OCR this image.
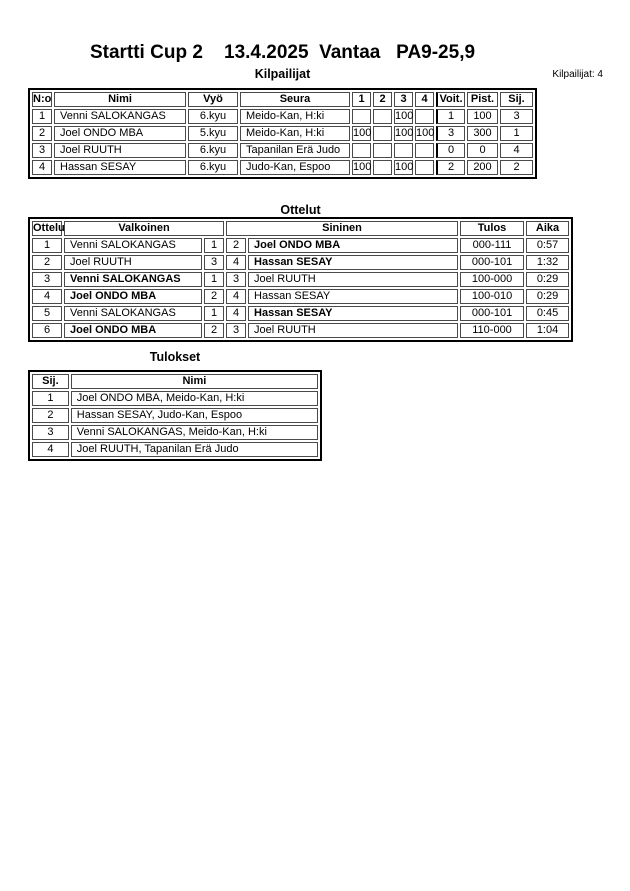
Startti Cup 2    13.4.2025  Vantaa   PA9-25,9
Kilpailijat	Kilpailijat: 4
N:o	Nimi	Vyö	Seura	1	2	3	4	Voit.	Pist.	Sij.
1	Venni SALOKANGAS	6.kyu	Meido-Kan, H:ki			100		1	100	3
2	Joel ONDO MBA	5.kyu	Meido-Kan, H:ki	100		100	100	3	300	1
3	Joel RUUTH	6.kyu	Tapanilan Erä Judo					0	0	4
4	Hassan SESAY	6.kyu	Judo-Kan, Espoo	100		100		2	200	2
Ottelut
Ottelu	Valkoinen		Sininen		Tulos	Aika
1	Venni SALOKANGAS	1	2	Joel ONDO MBA	000-111	0:57
2	Joel RUUTH	3	4	Hassan SESAY	000-101	1:32
3	Venni SALOKANGAS	1	3	Joel RUUTH	100-000	0:29
4	Joel ONDO MBA	2	4	Hassan SESAY	100-010	0:29
5	Venni SALOKANGAS	1	4	Hassan SESAY	000-101	0:45
6	Joel ONDO MBA	2	3	Joel RUUTH	110-000	1:04
Tulokset
Sij.	Nimi
1	Joel ONDO MBA, Meido-Kan, H:ki
2	Hassan SESAY, Judo-Kan, Espoo
3	Venni SALOKANGAS, Meido-Kan, H:ki
4	Joel RUUTH, Tapanilan Erä Judo
